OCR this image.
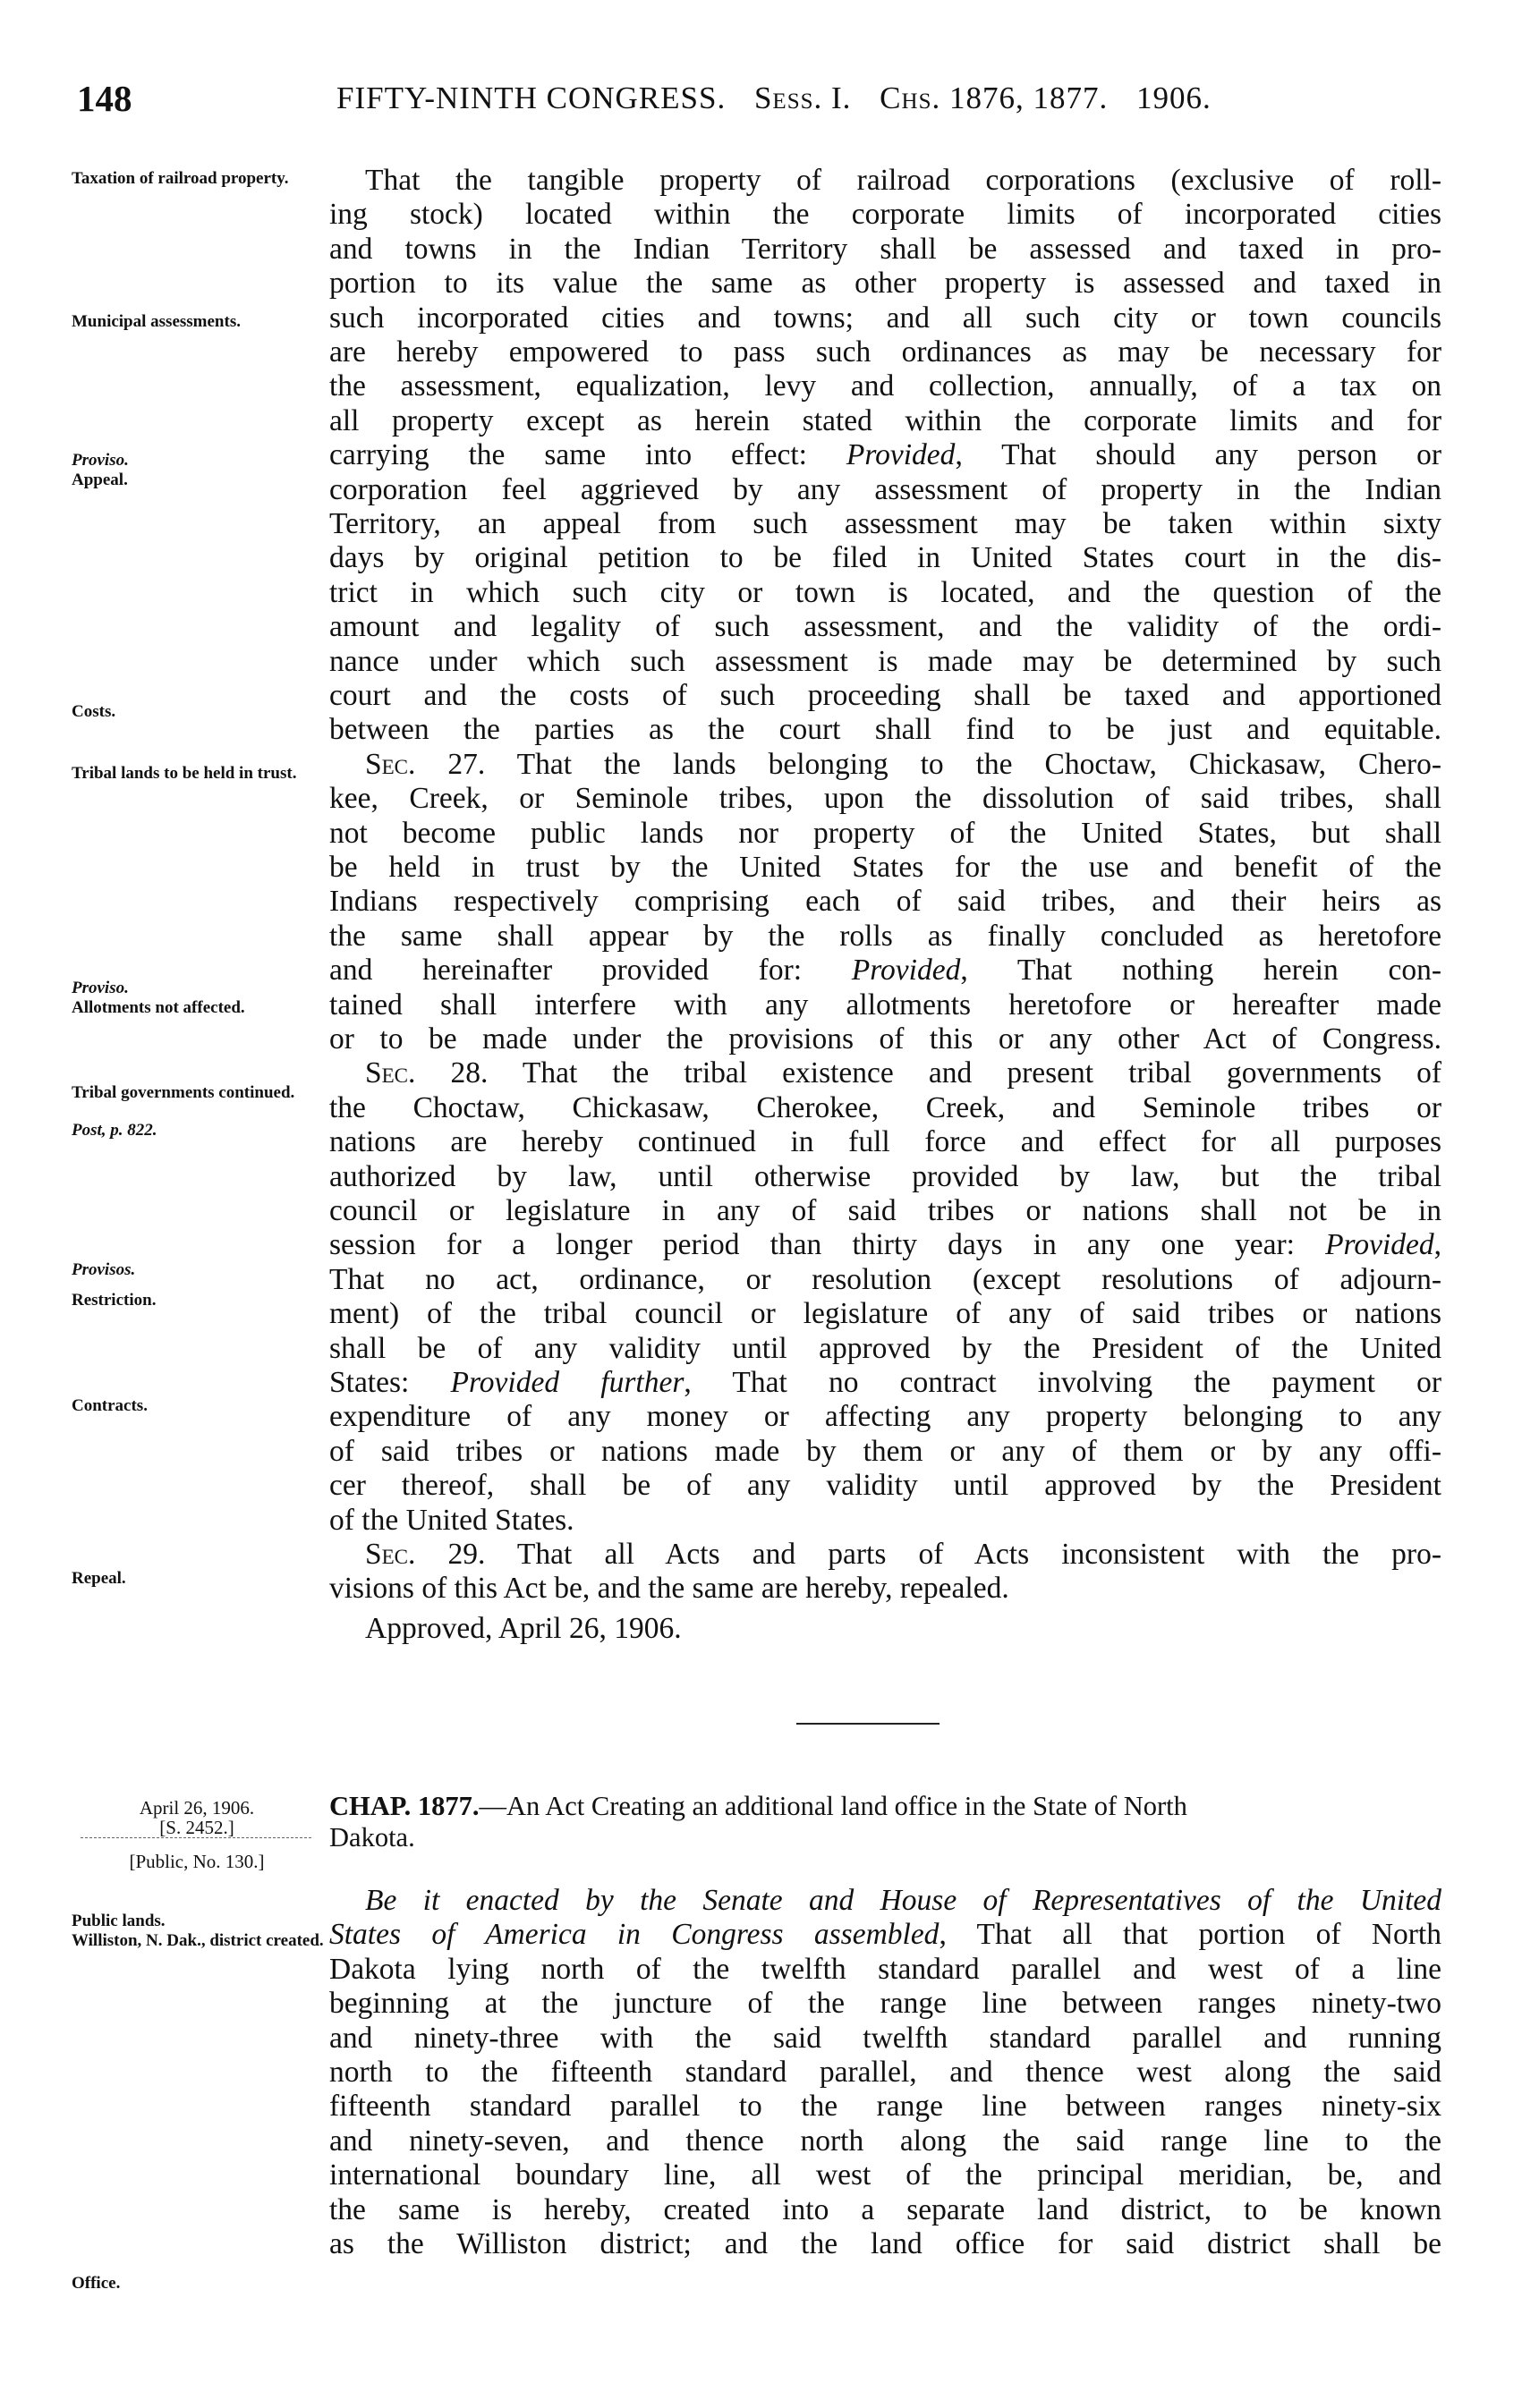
148	FIFTY-NINTH CONGRESS. Sess. I. Chs. 1876, 1877. 1906.
Taxation of railroad property.
Municipal assessments.
Proviso.
Appeal.
Costs.
Tribal lands to be held in trust.
Proviso.
Allotments not affected.
Tribal governments continued.
Post, p. 822.
Provisos.
Restriction.
Contracts.
Repeal.
Public lands.
Williston, N. Dak., district created.
Office.
April 26, 1906.
[S. 2452.]
[Public, No. 130.]
That the tangible property of railroad corporations (exclusive of roll-
ing stock) located within the corporate limits of incorporated cities
and towns in the Indian Territory shall be assessed and taxed in pro-
portion to its value the same as other property is assessed and taxed in
such incorporated cities and towns; and all such city or town councils
are hereby empowered to pass such ordinances as may be necessary for
the assessment, equalization, levy and collection, annually, of a tax on
all property except as herein stated within the corporate limits and for
carrying the same into effect: Provided, That should any person or
corporation feel aggrieved by any assessment of property in the Indian
Territory, an appeal from such assessment may be taken within sixty
days by original petition to be filed in United States court in the dis-
trict in which such city or town is located, and the question of the
amount and legality of such assessment, and the validity of the ordi-
nance under which such assessment is made may be determined by such
court and the costs of such proceeding shall be taxed and apportioned
between the parties as the court shall find to be just and equitable.
Sec. 27. That the lands belonging to the Choctaw, Chickasaw, Chero-
kee, Creek, or Seminole tribes, upon the dissolution of said tribes, shall
not become public lands nor property of the United States, but shall
be held in trust by the United States for the use and benefit of the
Indians respectively comprising each of said tribes, and their heirs as
the same shall appear by the rolls as finally concluded as heretofore
and hereinafter provided for: Provided, That nothing herein con-
tained shall interfere with any allotments heretofore or hereafter made
or to be made under the provisions of this or any other Act of Congress.
Sec. 28. That the tribal existence and present tribal governments of
the Choctaw, Chickasaw, Cherokee, Creek, and Seminole tribes or
nations are hereby continued in full force and effect for all purposes
authorized by law, until otherwise provided by law, but the tribal
council or legislature in any of said tribes or nations shall not be in
session for a longer period than thirty days in any one year: Provided,
That no act, ordinance, or resolution (except resolutions of adjourn-
ment) of the tribal council or legislature of any of said tribes or nations
shall be of any validity until approved by the President of the United
States: Provided further, That no contract involving the payment or
expenditure of any money or affecting any property belonging to any
of said tribes or nations made by them or any of them or by any offi-
cer thereof, shall be of any validity until approved by the President
of the United States.
Sec. 29. That all Acts and parts of Acts inconsistent with the pro-
visions of this Act be, and the same are hereby, repealed.
Approved, April 26, 1906.
CHAP. 1877.—An Act Creating an additional land office in the State of North
Dakota.
Be it enacted by the Senate and House of Representatives of the United
States of America in Congress assembled, That all that portion of North
Dakota lying north of the twelfth standard parallel and west of a line
beginning at the juncture of the range line between ranges ninety-two
and ninety-three with the said twelfth standard parallel and running
north to the fifteenth standard parallel, and thence west along the said
fifteenth standard parallel to the range line between ranges ninety-six
and ninety-seven, and thence north along the said range line to the
international boundary line, all west of the principal meridian, be, and
the same is hereby, created into a separate land district, to be known
as the Williston district; and the land office for said district shall be
